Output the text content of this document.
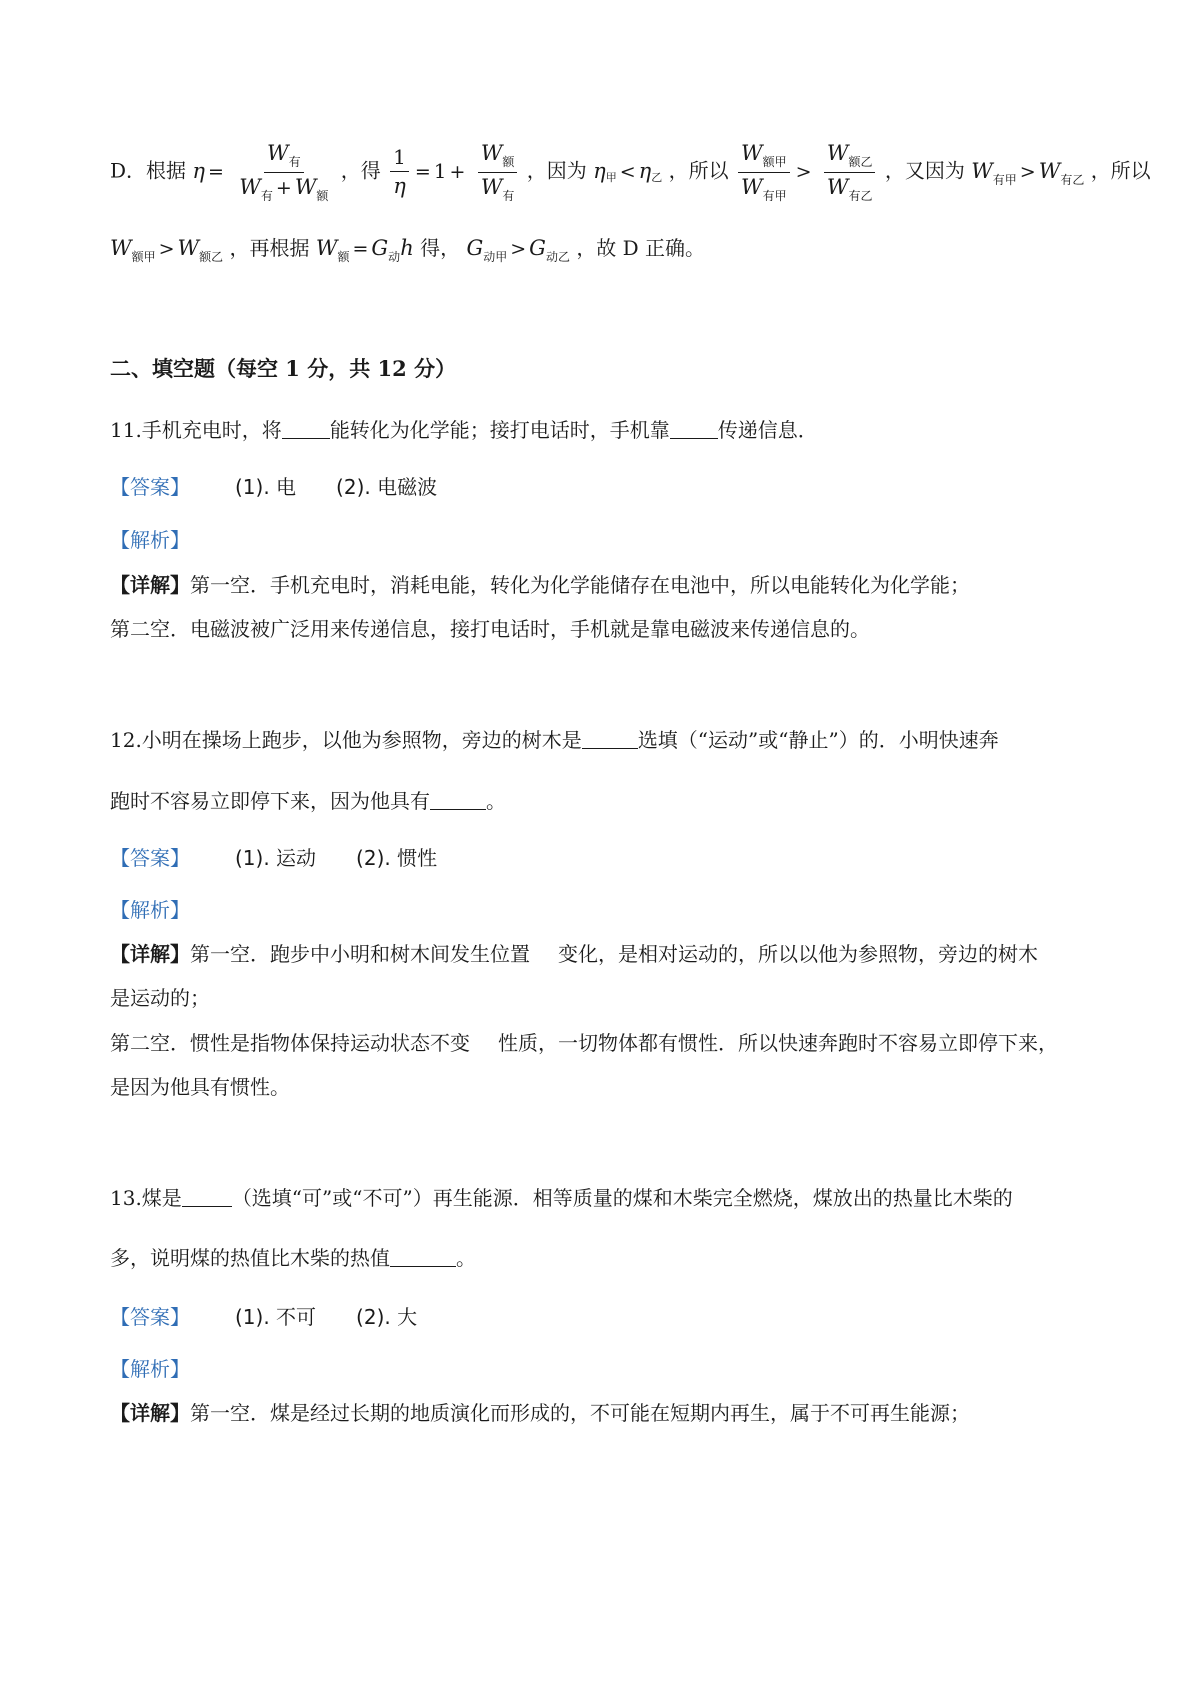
D．根据 $\eta = \frac{W_有}{W_有 + W_额}$ ，得 $\frac{1}{\eta} = 1 + \frac{W_额}{W_有}$ ，因为 η甲 < η乙 ，所以 $\frac{W_{额甲}}{W_{有甲}} > \frac{W_{额乙}}{W_{有乙}}$ ，又因为 $W_{有甲} > W_{有乙}$ ，所以
$W_{额甲} > W_{额乙}$ ，再根据 $W_额 = G_动h$ 得， $G_{动甲} > G_{动乙}$ ，故 D 正确。
二、填空题（每空 1 分，共 12 分）
11.手机充电时，将 能转化为化学能；接打电话时，手机靠 传递信息．
【答案】 (1). 电 (2). 电磁波
【解析】
【详解】第一空．手机充电时，消耗电能，转化为化学能储存在电池中，所以电能转化为化学能；
第二空．电磁波被广泛用来传递信息，接打电话时，手机就是靠电磁波来传递信息的。
12.小明在操场上跑步，以他为参照物，旁边的树木是	选填（“运动”或“静止”）的．小明快速奔
跑时不容易立即停下来，因为他具有	。
【答案】 (1). 运动 (2). 惯性
【解析】
【详解】第一空．跑步中小明和树木间发生位置 变化，是相对运动的，所以以他为参照物，旁边的树木
是运动的；
第二空．惯性是指物体保持运动状态不变 性质，一切物体都有惯性．所以快速奔跑时不容易立即停下来，
是因为他具有惯性。
13.煤是	（选填“可”或“不可”）再生能源．相等质量的煤和木柴完全燃烧，煤放出的热量比木柴的
多，说明煤的热值比木柴的热值	。
【答案】 (1). 不可 (2). 大
【解析】
【详解】第一空．煤是经过长期的地质演化而形成的，不可能在短期内再生，属于不可再生能源；
